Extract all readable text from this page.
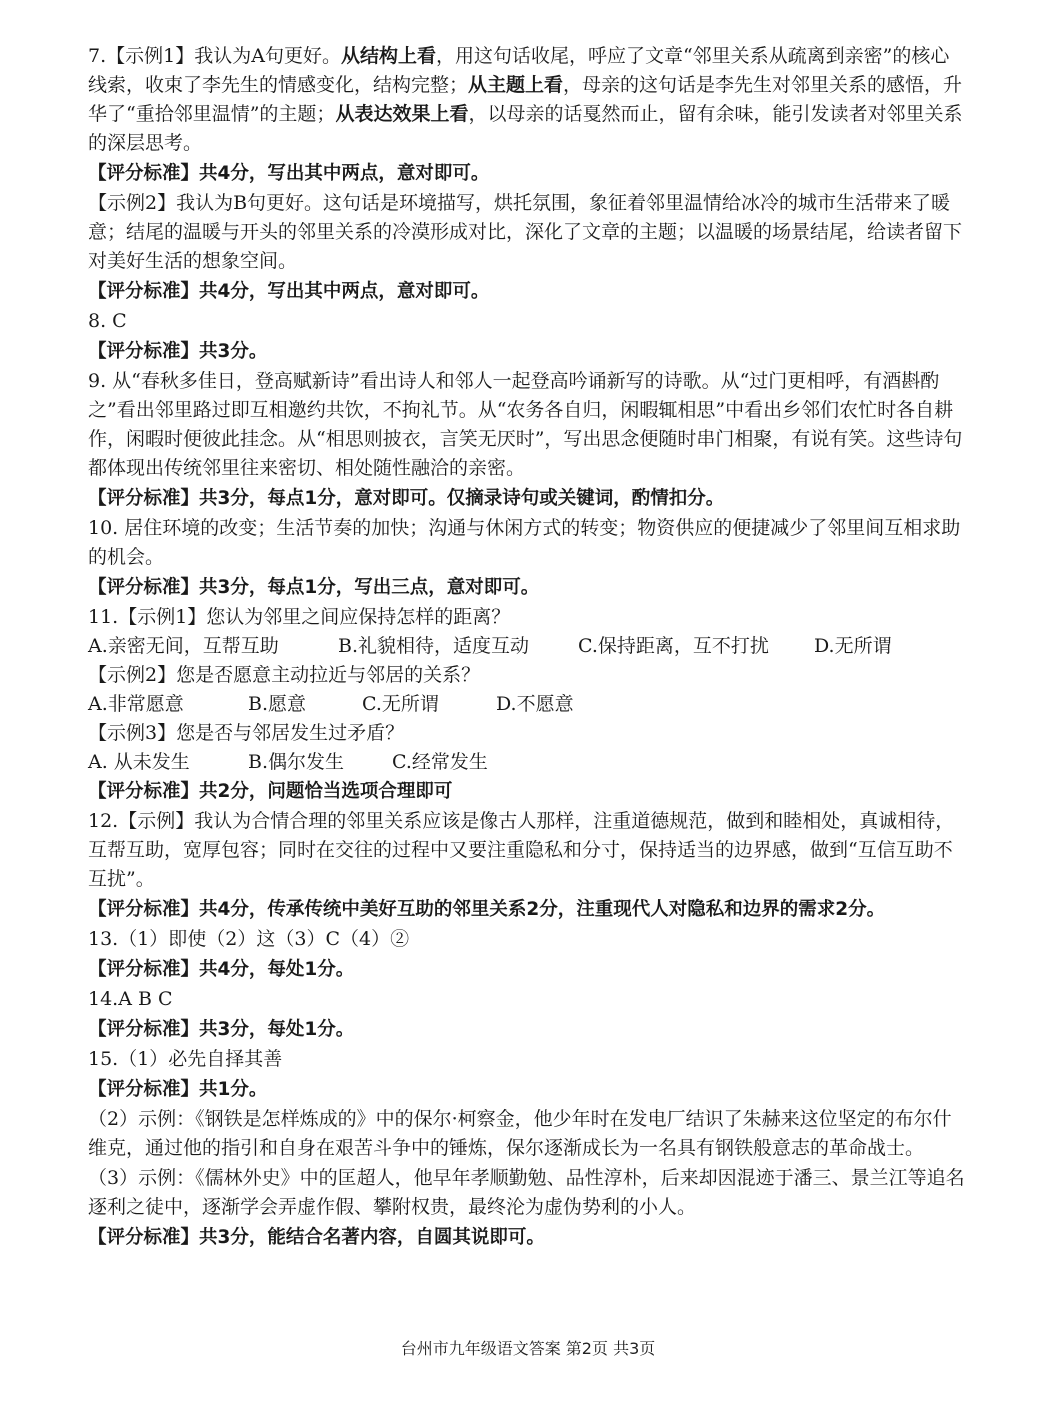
7.【示例1】我认为A句更好。从结构上看，用这句话收尾，呼应了文章“邻里关系从疏离到亲密”的核心线索，收束了李先生的情感变化，结构完整；从主题上看，母亲的这句话是李先生对邻里关系的感悟，升华了“重拾邻里温情”的主题；从表达效果上看，以母亲的话戛然而止，留有余味，能引发读者对邻里关系的深层思考。

【评分标准】共4分，写出其中两点，意对即可。

【示例2】我认为B句更好。这句话是环境描写，烘托氛围，象征着邻里温情给冰冷的城市生活带来了暖意；结尾的温暖与开头的邻里关系的冷漠形成对比，深化了文章的主题；以温暖的场景结尾，给读者留下对美好生活的想象空间。

【评分标准】共4分，写出其中两点，意对即可。

8. C

【评分标准】共3分。

9. 从“春秋多佳日，登高赋新诗”看出诗人和邻人一起登高吟诵新写的诗歌。从“过门更相呼，有酒斟酌之”看出邻里路过即互相邀约共饮，不拘礼节。从“农务各自归，闲暇辄相思”中看出乡邻们农忙时各自耕作，闲暇时便彼此挂念。从“相思则披衣，言笑无厌时”，写出思念便随时串门相聚，有说有笑。这些诗句都体现出传统邻里往来密切、相处随性融洽的亲密。

【评分标准】共3分，每点1分，意对即可。仅摘录诗句或关键词，酌情扣分。

10. 居住环境的改变；生活节奏的加快；沟通与休闲方式的转变；物资供应的便捷减少了邻里间互相求助的机会。

【评分标准】共3分，每点1分，写出三点，意对即可。

11.【示例1】您认为邻里之间应保持怎样的距离？

A.亲密无间，互帮互助	B.礼貌相待，适度互动	C.保持距离，互不打扰	D.无所谓

【示例2】您是否愿意主动拉近与邻居的关系？

A.非常愿意	B.愿意	C.无所谓	D.不愿意

【示例3】您是否与邻居发生过矛盾？

A. 从未发生	B.偶尔发生	C.经常发生

【评分标准】共2分，问题恰当选项合理即可

12.【示例】我认为合情合理的邻里关系应该是像古人那样，注重道德规范，做到和睦相处，真诚相待，互帮互助，宽厚包容；同时在交往的过程中又要注重隐私和分寸，保持适当的边界感，做到“互信互助不互扰”。

【评分标准】共4分，传承传统中美好互助的邻里关系2分，注重现代人对隐私和边界的需求2分。

13.（1）即使（2）这（3）C（4）②

【评分标准】共4分，每处1分。

14.A B C

【评分标准】共3分，每处1分。

15.（1）必先自择其善

【评分标准】共1分。

（2）示例：《钢铁是怎样炼成的》中的保尔·柯察金，他少年时在发电厂结识了朱赫来这位坚定的布尔什维克，通过他的指引和自身在艰苦斗争中的锤炼，保尔逐渐成长为一名具有钢铁般意志的革命战士。

（3）示例：《儒林外史》中的匡超人，他早年孝顺勤勉、品性淳朴，后来却因混迹于潘三、景兰江等追名逐利之徒中，逐渐学会弄虚作假、攀附权贵，最终沦为虚伪势利的小人。

【评分标准】共3分，能结合名著内容，自圆其说即可。

台州市九年级语文答案 第2页 共3页
